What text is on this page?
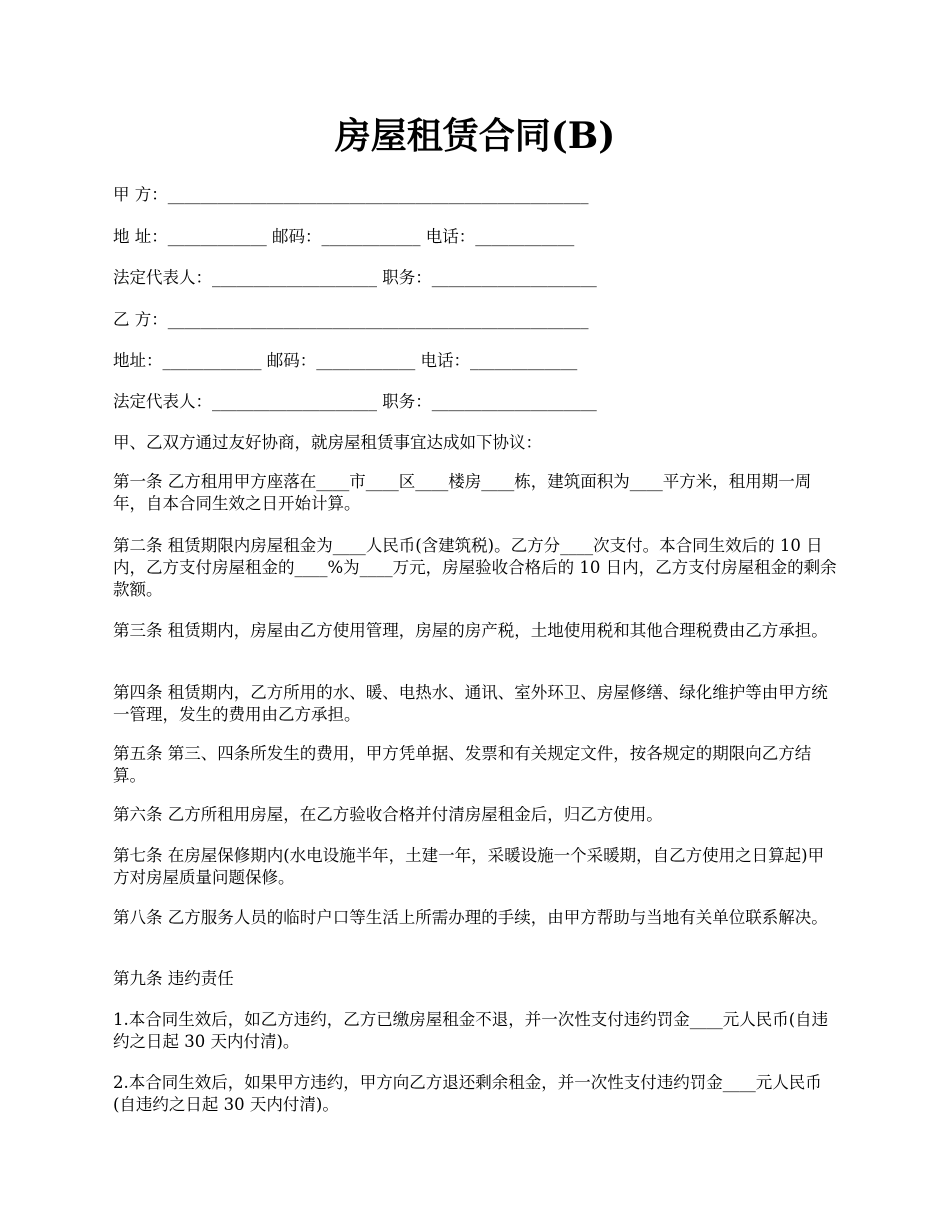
房屋租赁合同(B)
甲 方：___________________________________________________
地 址：____________ 邮码：____________ 电话：____________
法定代表人：____________________ 职务：____________________
乙 方：___________________________________________________
地址：____________ 邮码：____________ 电话：_____________
法定代表人：____________________ 职务：____________________
甲、乙双方通过友好协商，就房屋租赁事宜达成如下协议：
第一条 乙方租用甲方座落在____市____区____楼房____栋，建筑面积为____平方米，租用期一周年，自本合同生效之日开始计算。
第二条 租赁期限内房屋租金为____人民币(含建筑税)。乙方分____次支付。本合同生效后的 10 日内，乙方支付房屋租金的____%为____万元，房屋验收合格后的 10 日内，乙方支付房屋租金的剩余款额。
第三条 租赁期内，房屋由乙方使用管理，房屋的房产税，土地使用税和其他合理税费由乙方承担。
第四条 租赁期内，乙方所用的水、暖、电热水、通讯、室外环卫、房屋修缮、绿化维护等由甲方统一管理，发生的费用由乙方承担。
第五条 第三、四条所发生的费用，甲方凭单据、发票和有关规定文件，按各规定的期限向乙方结算。
第六条 乙方所租用房屋，在乙方验收合格并付清房屋租金后，归乙方使用。
第七条 在房屋保修期内(水电设施半年，土建一年，采暖设施一个采暖期，自乙方使用之日算起)甲方对房屋质量问题保修。
第八条 乙方服务人员的临时户口等生活上所需办理的手续，由甲方帮助与当地有关单位联系解决。
第九条 违约责任
1.本合同生效后，如乙方违约，乙方已缴房屋租金不退，并一次性支付违约罚金____元人民币(自违约之日起 30 天内付清)。
2.本合同生效后，如果甲方违约，甲方向乙方退还剩余租金，并一次性支付违约罚金____元人民币(自违约之日起 30 天内付清)。
